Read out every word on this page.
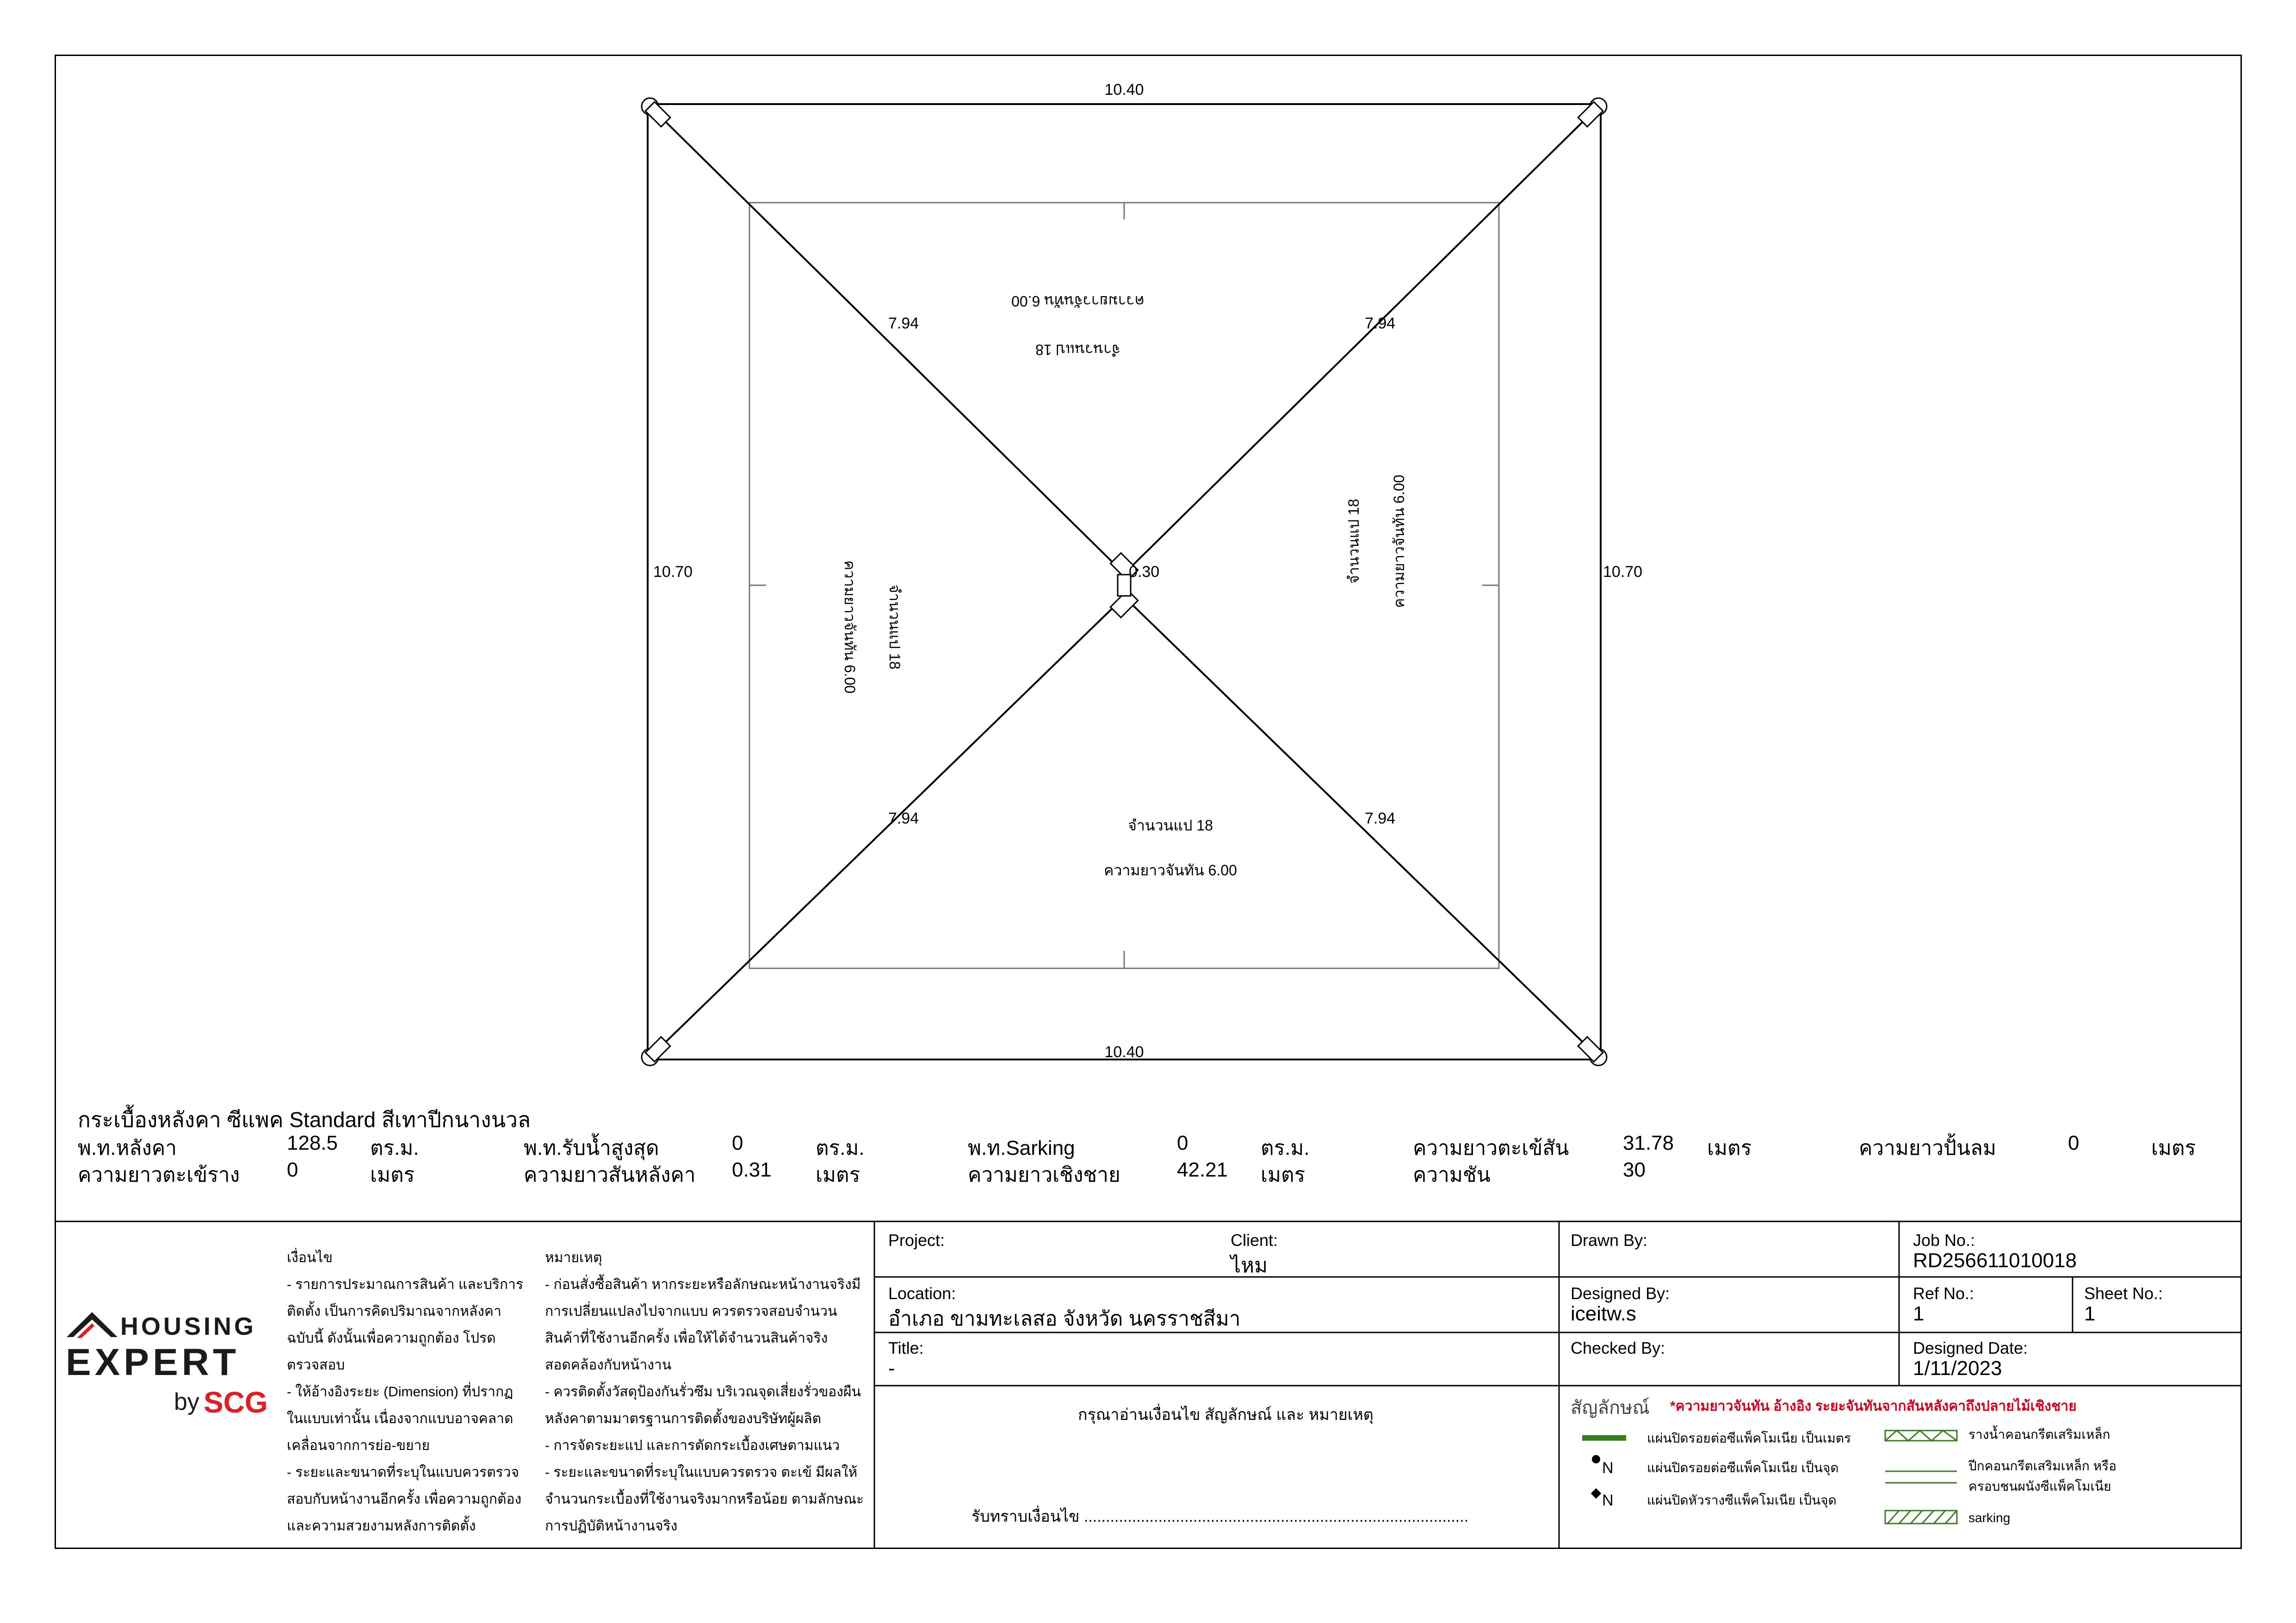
10.40
10.40
10.70	10.70
0.30
7.94	7.94
7.94	7.94
จำนวนแป 18
ความยาวจันทัน 6.00
จำนวนแป 18
ความยาวจันทัน 6.00
จำนวนแป 18
ความยาวจันทัน 6.00
จำนวนแป 18 ความยาวจันทัน 6.00
กระเบื้องหลังคา ซีแพค Standard สีเทาปีกนางนวล
พ.ท.หลังคา	128.5 ตร.ม.	พ.ท.รับน้ำสูงสุด	0	ตร.ม.	พ.ท.Sarking	0	ตร.ม.	ความยาวตะเข้สัน	31.78 เมตร	ความยาวปั้นลม	0	เมตร
ความยาวตะเข้ราง 0	เมตร	ความยาวสันหลังคา 0.31 เมตร	ความยาวเชิงชาย	42.21 เมตร	ความชัน	30
HOUSING
EXPERT
by SCG
เงื่อนไข
- รายการประมาณการสินค้า และบริการติดตั้ง เป็นการคิดปริมาณจากหลังคาฉบับนี้ ดังนั้นเพื่อความถูกต้อง โปรดตรวจสอบ
- ให้อ้างอิงระยะ (Dimension) ที่ปรากฏในแบบเท่านั้น เนื่องจากแบบอาจคลาดเคลื่อนจากการย่อ-ขยาย
- ระยะและขนาดที่ระบุในแบบควรตรวจสอบกับหน้างานอีกครั้ง เพื่อความถูกต้องและความสวยงามหลังการติดตั้ง
หมายเหตุ
- ก่อนสั่งซื้อสินค้า หากระยะหรือลักษณะหน้างานจริงมีการเปลี่ยนแปลงไปจากแบบ ควรตรวจสอบจำนวนสินค้าที่ใช้งานอีกครั้ง เพื่อให้ได้จำนวนสินค้าจริงสอดคล้องกับหน้างาน
- ควรติดตั้งวัสดุป้องกันรั่วซึม บริเวณจุดเสี่ยงรั่วของผืนหลังคาตามมาตรฐานการติดตั้งของบริษัทผู้ผลิต
- การจัดระยะแป และการตัดกระเบื้องเศษตามแนว
- ระยะและขนาดที่ระบุในแบบควรตรวจ ตะเข้ มีผลให้จำนวนกระเบื้องที่ใช้งานจริงมากหรือน้อย ตามลักษณะการปฏิบัติหน้างานจริง
Project:	Client:
ไหม
Location:
อำเภอ ขามทะเลสอ จังหวัด นครราชสีมา
Title:
-
กรุณาอ่านเงื่อนไข สัญลักษณ์ และ หมายเหตุ
รับทราบเงื่อนไข ........................................................................................
Drawn By:
Designed By:
iceitw.s
Checked By:
Job No.:
RD256611010018
Ref No.:
1
Sheet No.:
1
Designed Date:
1/11/2023
สัญลักษณ์ *ความยาวจันทัน อ้างอิง ระยะจันทันจากสันหลังคาถึงปลายไม้เชิงชาย
แผ่นปิดรอยต่อซีแพ็คโมเนีย เป็นเมตร
N	แผ่นปิดรอยต่อซีแพ็คโมเนีย เป็นจุด
N	แผ่นปิดหัวรางซีแพ็คโมเนีย เป็นจุด
รางน้ำคอนกรีตเสริมเหล็ก
ปีกคอนกรีตเสริมเหล็ก หรือ
ครอบชนผนังซีแพ็คโมเนีย
sarking
